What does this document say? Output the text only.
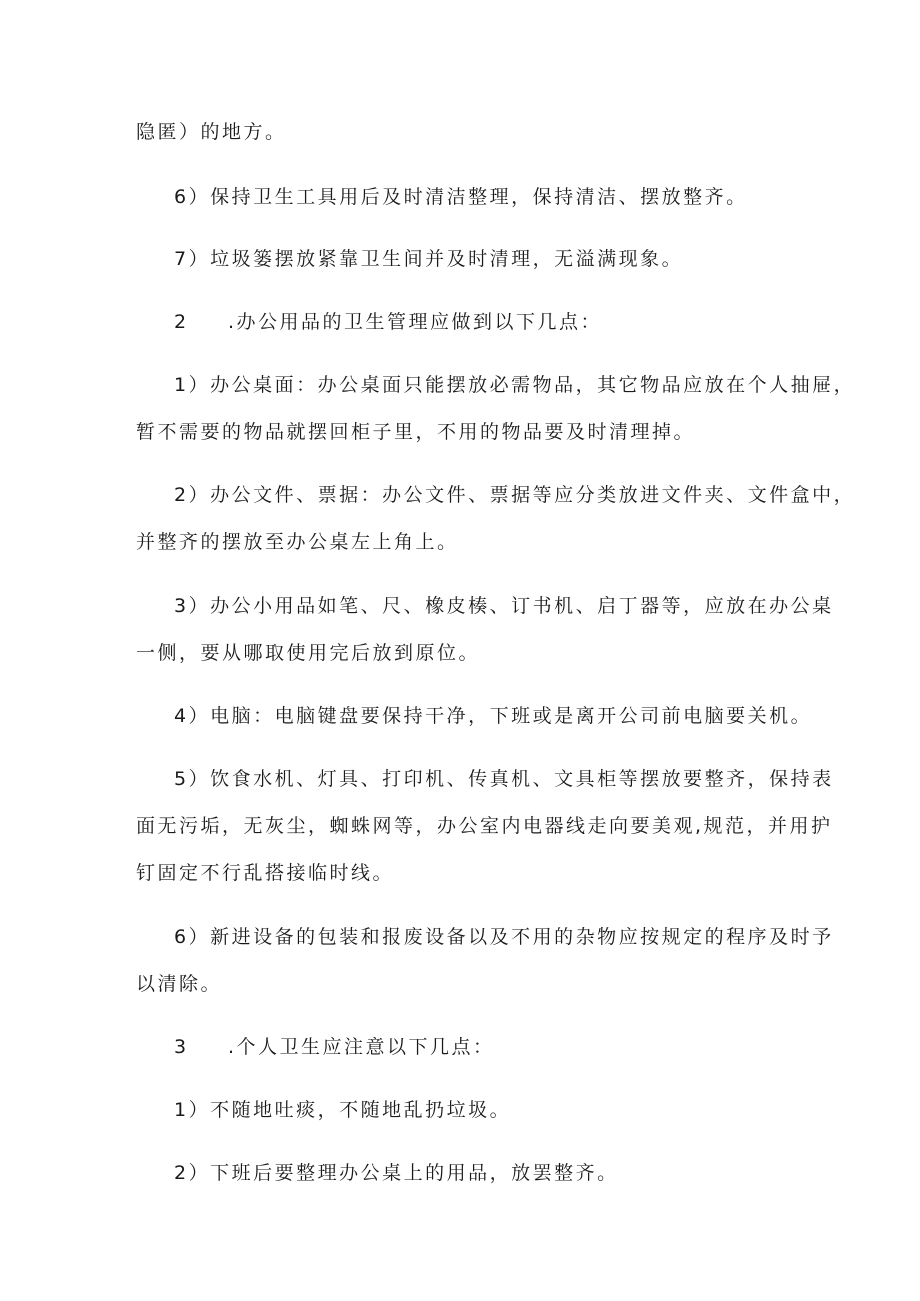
隐匿）的地方。
6）保持卫生工具用后及时清洁整理，保持清洁、摆放整齐。
7）垃圾篓摆放紧靠卫生间并及时清理，无溢满现象。
2 .办公用品的卫生管理应做到以下几点：
1）办公桌面：办公桌面只能摆放必需物品，其它物品应放在个人抽屉，
暂不需要的物品就摆回柜子里，不用的物品要及时清理掉。
2）办公文件、票据：办公文件、票据等应分类放进文件夹、文件盒中，
并整齐的摆放至办公桌左上角上。
3）办公小用品如笔、尺、橡皮楱、订书机、启丁器等，应放在办公桌
一侧，要从哪取使用完后放到原位。
4）电脑：电脑键盘要保持干净，下班或是离开公司前电脑要关机。
5）饮食水机、灯具、打印机、传真机、文具柜等摆放要整齐，保持表
面无污垢，无灰尘，蜘蛛网等，办公室内电器线走向要美观,规范，并用护
钉固定不行乱搭接临时线。
6）新进设备的包装和报废设备以及不用的杂物应按规定的程序及时予
以清除。
3 .个人卫生应注意以下几点：
1）不随地吐痰，不随地乱扔垃圾。
2）下班后要整理办公桌上的用品，放罢整齐。
